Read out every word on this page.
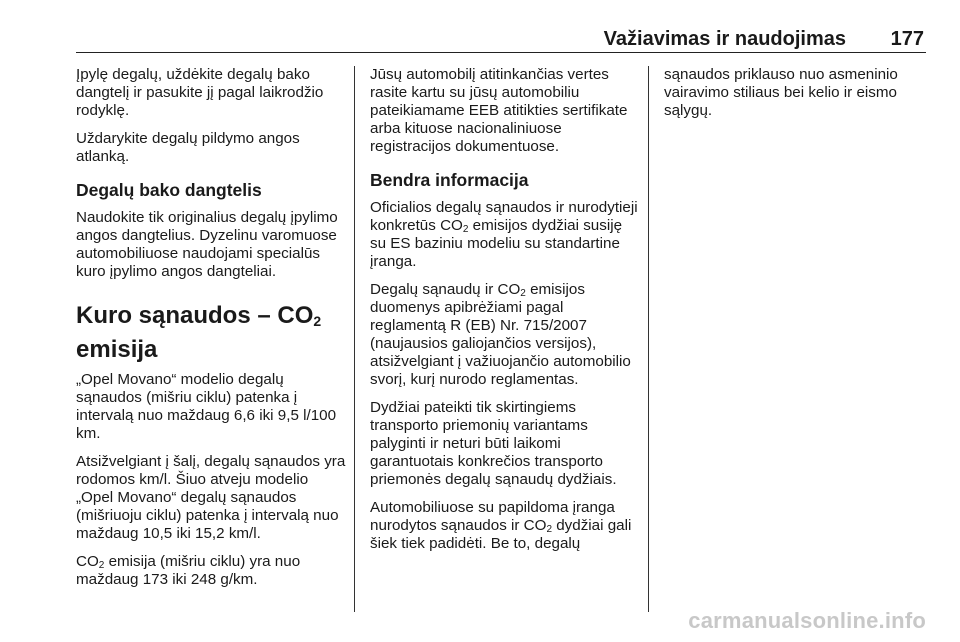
Važiavimas ir naudojimas 177

Įpylę degalų, uždėkite degalų bako dangtelį ir pasukite jį pagal laikrodžio rodyklę.

Uždarykite degalų pildymo angos atlanką.

Degalų bako dangtelis

Naudokite tik originalius degalų įpylimo angos dangtelius. Dyzelinu varomuose automobiliuose naudojami specialūs kuro įpylimo angos dangteliai.

Kuro sąnaudos – $CO_2$
emisija

„Opel Movano“ modelio degalų sąnaudos (mišriu ciklu) patenka į intervalą nuo maždaug 6,6 iki 9,5 l/100 km.

Atsižvelgiant į šalį, degalų sąnaudos yra rodomos km/l. Šiuo atveju modelio „Opel Movano“ degalų sąnaudos (mišriuoju ciklu) patenka į intervalą nuo maždaug 10,5 iki 15,2 km/l.

$CO_2$ emisija (mišriu ciklu) yra nuo maždaug 173 iki 248 g/km.

Jūsų automobilį atitinkančias vertes rasite kartu su jūsų automobiliu pateikiamame EEB atitikties sertifikate arba kituose nacionaliniuose registracijos dokumentuose.

Bendra informacija

Oficialios degalų sąnaudos ir nurodytieji konkretūs $CO_2$ emisijos dydžiai susiję su ES baziniu modeliu su standartine įranga.

Degalų sąnaudų ir $CO_2$ emisijos duomenys apibrėžiami pagal reglamentą R (EB) Nr. 715/2007 (naujausios galiojančios versijos), atsižvelgiant į važiuojančio automobilio svorį, kurį nurodo reglamentas.

Dydžiai pateikti tik skirtingiems transporto priemonių variantams palyginti ir neturi būti laikomi garantuotais konkrečios transporto priemonės degalų sąnaudų dydžiais.

Automobiliuose su papildoma įranga nurodytos sąnaudos ir $CO_2$ dydžiai gali šiek tiek padidėti. Be to, degalų

sąnaudos priklauso nuo asmeninio vairavimo stiliaus bei kelio ir eismo sąlygų.

carmanualsonline.info
